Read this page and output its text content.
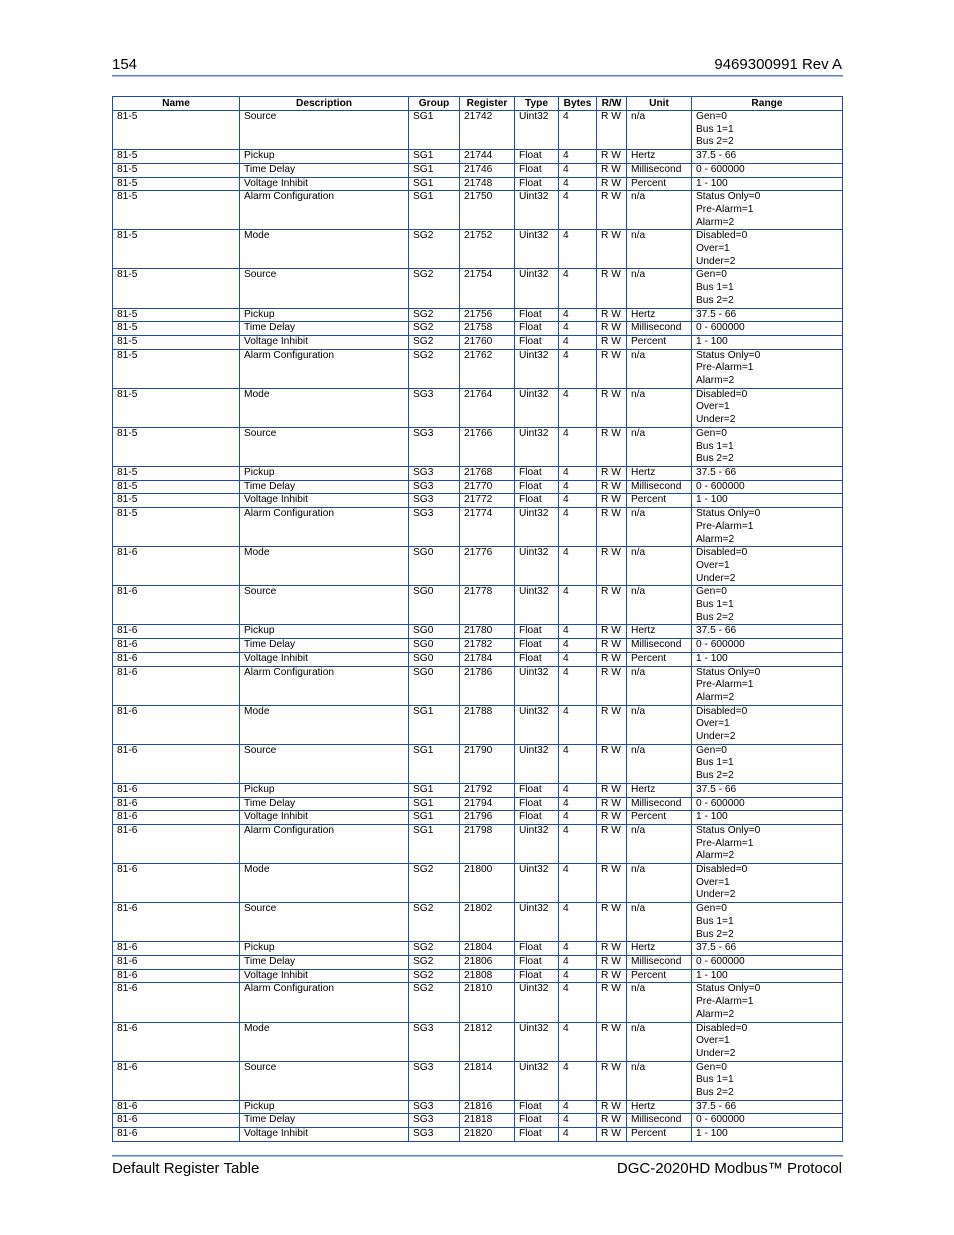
154	9469300991 Rev A
Name	Description	Group	Register	Type	Bytes	R/W	Unit	Range
81-5	Source	SG1	21742	Uint32	4	R W	n/a	Gen=0
Bus 1=1
Bus 2=2

81-5	Pickup	SG1	21744	Float	4	R W	Hertz	37.5 - 66

81-5	Time Delay	SG1	21746	Float	4	R W	Millisecond	0 - 600000

81-5	Voltage Inhibit	SG1	21748	Float	4	R W	Percent	1 - 100

81-5	Alarm Configuration	SG1	21750	Uint32	4	R W	n/a	Status Only=0
Pre-Alarm=1
Alarm=2

81-5	Mode	SG2	21752	Uint32	4	R W	n/a	Disabled=0
Over=1
Under=2

81-5	Source	SG2	21754	Uint32	4	R W	n/a	Gen=0
Bus 1=1
Bus 2=2

81-5	Pickup	SG2	21756	Float	4	R W	Hertz	37.5 - 66

81-5	Time Delay	SG2	21758	Float	4	R W	Millisecond	0 - 600000

81-5	Voltage Inhibit	SG2	21760	Float	4	R W	Percent	1 - 100

81-5	Alarm Configuration	SG2	21762	Uint32	4	R W	n/a	Status Only=0
Pre-Alarm=1
Alarm=2

81-5	Mode	SG3	21764	Uint32	4	R W	n/a	Disabled=0
Over=1
Under=2

81-5	Source	SG3	21766	Uint32	4	R W	n/a	Gen=0
Bus 1=1
Bus 2=2

81-5	Pickup	SG3	21768	Float	4	R W	Hertz	37.5 - 66

81-5	Time Delay	SG3	21770	Float	4	R W	Millisecond	0 - 600000

81-5	Voltage Inhibit	SG3	21772	Float	4	R W	Percent	1 - 100

81-5	Alarm Configuration	SG3	21774	Uint32	4	R W	n/a	Status Only=0
Pre-Alarm=1
Alarm=2

81-6	Mode	SG0	21776	Uint32	4	R W	n/a	Disabled=0
Over=1
Under=2

81-6	Source	SG0	21778	Uint32	4	R W	n/a	Gen=0
Bus 1=1
Bus 2=2

81-6	Pickup	SG0	21780	Float	4	R W	Hertz	37.5 - 66

81-6	Time Delay	SG0	21782	Float	4	R W	Millisecond	0 - 600000

81-6	Voltage Inhibit	SG0	21784	Float	4	R W	Percent	1 - 100

81-6	Alarm Configuration	SG0	21786	Uint32	4	R W	n/a	Status Only=0
Pre-Alarm=1
Alarm=2

81-6	Mode	SG1	21788	Uint32	4	R W	n/a	Disabled=0
Over=1
Under=2

81-6	Source	SG1	21790	Uint32	4	R W	n/a	Gen=0
Bus 1=1
Bus 2=2

81-6	Pickup	SG1	21792	Float	4	R W	Hertz	37.5 - 66

81-6	Time Delay	SG1	21794	Float	4	R W	Millisecond	0 - 600000

81-6	Voltage Inhibit	SG1	21796	Float	4	R W	Percent	1 - 100

81-6	Alarm Configuration	SG1	21798	Uint32	4	R W	n/a	Status Only=0
Pre-Alarm=1
Alarm=2

81-6	Mode	SG2	21800	Uint32	4	R W	n/a	Disabled=0
Over=1
Under=2

81-6	Source	SG2	21802	Uint32	4	R W	n/a	Gen=0
Bus 1=1
Bus 2=2

81-6	Pickup	SG2	21804	Float	4	R W	Hertz	37.5 - 66

81-6	Time Delay	SG2	21806	Float	4	R W	Millisecond	0 - 600000

81-6	Voltage Inhibit	SG2	21808	Float	4	R W	Percent	1 - 100

81-6	Alarm Configuration	SG2	21810	Uint32	4	R W	n/a	Status Only=0
Pre-Alarm=1
Alarm=2

81-6	Mode	SG3	21812	Uint32	4	R W	n/a	Disabled=0
Over=1
Under=2

81-6	Source	SG3	21814	Uint32	4	R W	n/a	Gen=0
Bus 1=1
Bus 2=2

81-6	Pickup	SG3	21816	Float	4	R W	Hertz	37.5 - 66

81-6	Time Delay	SG3	21818	Float	4	R W	Millisecond	0 - 600000

81-6	Voltage Inhibit	SG3	21820	Float	4	R W	Percent	1 - 100
Default Register Table	DGC-2020HD Modbus™ Protocol
